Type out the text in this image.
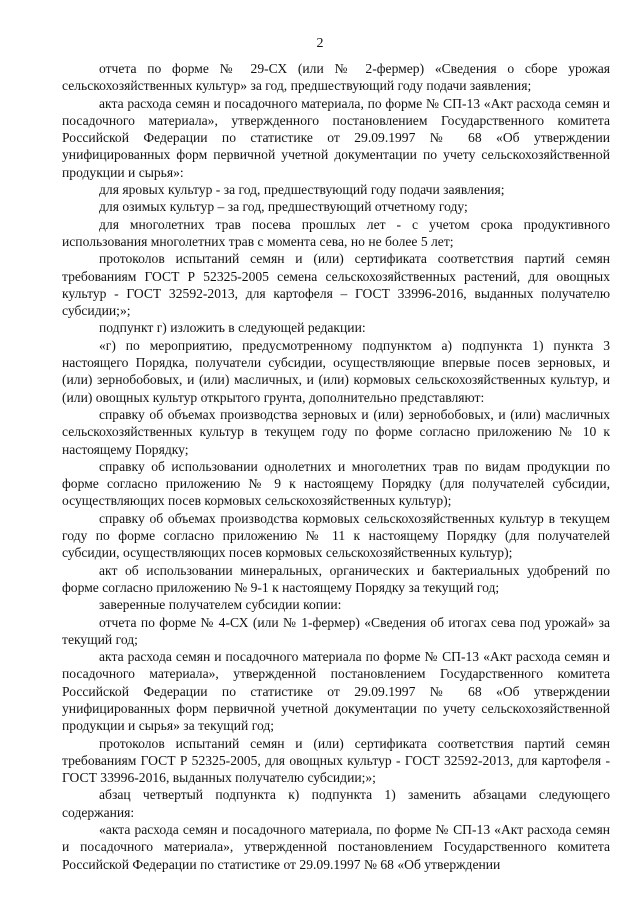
2

отчета по форме № 29-СХ (или № 2-фермер) «Сведения о сборе урожая сельскохозяйственных культур» за год, предшествующий году подачи заявления;

акта расхода семян и посадочного материала, по форме № СП-13 «Акт расхода семян и посадочного материала», утвержденного постановлением Государственного комитета Российской Федерации по статистике от 29.09.1997 № 68 «Об утверждении унифицированных форм первичной учетной документации по учету сельскохозяйственной продукции и сырья»:

для яровых культур - за год, предшествующий году подачи заявления;

для озимых культур – за год, предшествующий отчетному году;

для многолетних трав посева прошлых лет - с учетом срока продуктивного использования многолетних трав с момента сева, но не более 5 лет;

протоколов испытаний семян и (или) сертификата соответствия партий семян требованиям ГОСТ Р 52325-2005 семена сельскохозяйственных растений, для овощных культур - ГОСТ 32592-2013, для картофеля – ГОСТ 33996-2016, выданных получателю субсидии;»;

подпункт г) изложить в следующей редакции:

«г) по мероприятию, предусмотренному подпунктом а) подпункта 1) пункта 3 настоящего Порядка, получатели субсидии, осуществляющие впервые посев зерновых, и (или) зернобобовых, и (или) масличных, и (или) кормовых сельскохозяйственных культур, и (или) овощных культур открытого грунта, дополнительно представляют:

справку об объемах производства зерновых и (или) зернобобовых, и (или) масличных сельскохозяйственных культур в текущем году по форме согласно приложению № 10 к настоящему Порядку;

справку об использовании однолетних и многолетних трав по видам продукции по форме согласно приложению № 9 к настоящему Порядку (для получателей субсидии, осуществляющих посев кормовых сельскохозяйственных культур);

справку об объемах производства кормовых сельскохозяйственных культур в текущем году по форме согласно приложению № 11 к настоящему Порядку (для получателей субсидии, осуществляющих посев кормовых сельскохозяйственных культур);

акт об использовании минеральных, органических и бактериальных удобрений по форме согласно приложению № 9-1 к настоящему Порядку за текущий год;

заверенные получателем субсидии копии:

отчета по форме № 4-СХ (или № 1-фермер) «Сведения об итогах сева под урожай» за текущий год;

акта расхода семян и посадочного материала по форме № СП-13 «Акт расхода семян и посадочного материала», утвержденной постановлением Государственного комитета Российской Федерации по статистике от 29.09.1997 № 68 «Об утверждении унифицированных форм первичной учетной документации по учету сельскохозяйственной продукции и сырья» за текущий год;

протоколов испытаний семян и (или) сертификата соответствия партий семян требованиям ГОСТ Р 52325-2005, для овощных культур - ГОСТ 32592-2013, для картофеля - ГОСТ 33996-2016, выданных получателю субсидии;»;

абзац четвертый подпункта к) подпункта 1) заменить абзацами следующего содержания:

«акта расхода семян и посадочного материала, по форме № СП-13 «Акт расхода семян и посадочного материала», утвержденной постановлением Государственного комитета Российской Федерации по статистике от 29.09.1997 № 68 «Об утверждении
